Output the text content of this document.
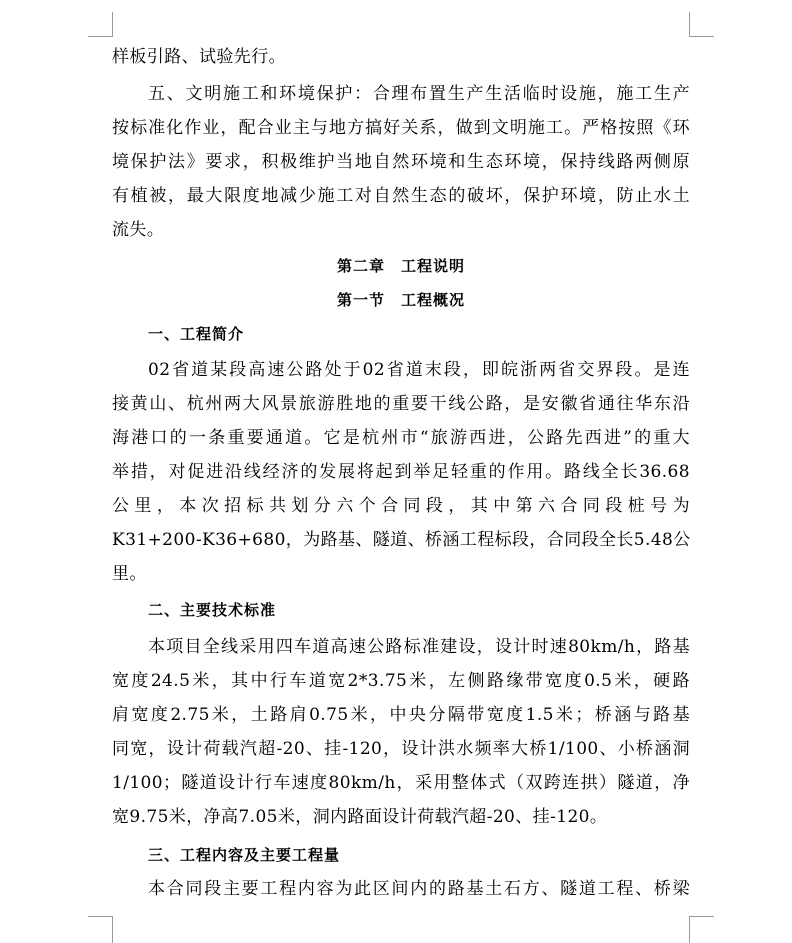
样板引路、试验先行。
五、文明施工和环境保护：合理布置生产生活临时设施，施工生产
按标准化作业，配合业主与地方搞好关系，做到文明施工。严格按照《环
境保护法》要求，积极维护当地自然环境和生态环境，保持线路两侧原
有植被，最大限度地减少施工对自然生态的破坏，保护环境，防止水土
流失。
第二章　工程说明
第一节　工程概况
一、工程简介
02省道某段高速公路处于02省道末段，即皖浙两省交界段。是连
接黄山、杭州两大风景旅游胜地的重要干线公路，是安徽省通往华东沿
海港口的一条重要通道。它是杭州市“旅游西进，公路先西进”的重大
举措，对促进沿线经济的发展将起到举足轻重的作用。路线全长36.68
公里，本次招标共划分六个合同段，其中第六合同段桩号为
K31+200-K36+680，为路基、隧道、桥涵工程标段，合同段全长5.48公
里。
二、主要技术标准
本项目全线采用四车道高速公路标准建设，设计时速80km/h，路基
宽度24.5米，其中行车道宽2*3.75米，左侧路缘带宽度0.5米，硬路
肩宽度2.75米，土路肩0.75米，中央分隔带宽度1.5米；桥涵与路基
同宽，设计荷载汽超-20、挂-120，设计洪水频率大桥1/100、小桥涵洞
1/100；隧道设计行车速度80km/h，采用整体式（双跨连拱）隧道，净
宽9.75米，净高7.05米，洞内路面设计荷载汽超-20、挂-120。
三、工程内容及主要工程量
本合同段主要工程内容为此区间内的路基土石方、隧道工程、桥梁
